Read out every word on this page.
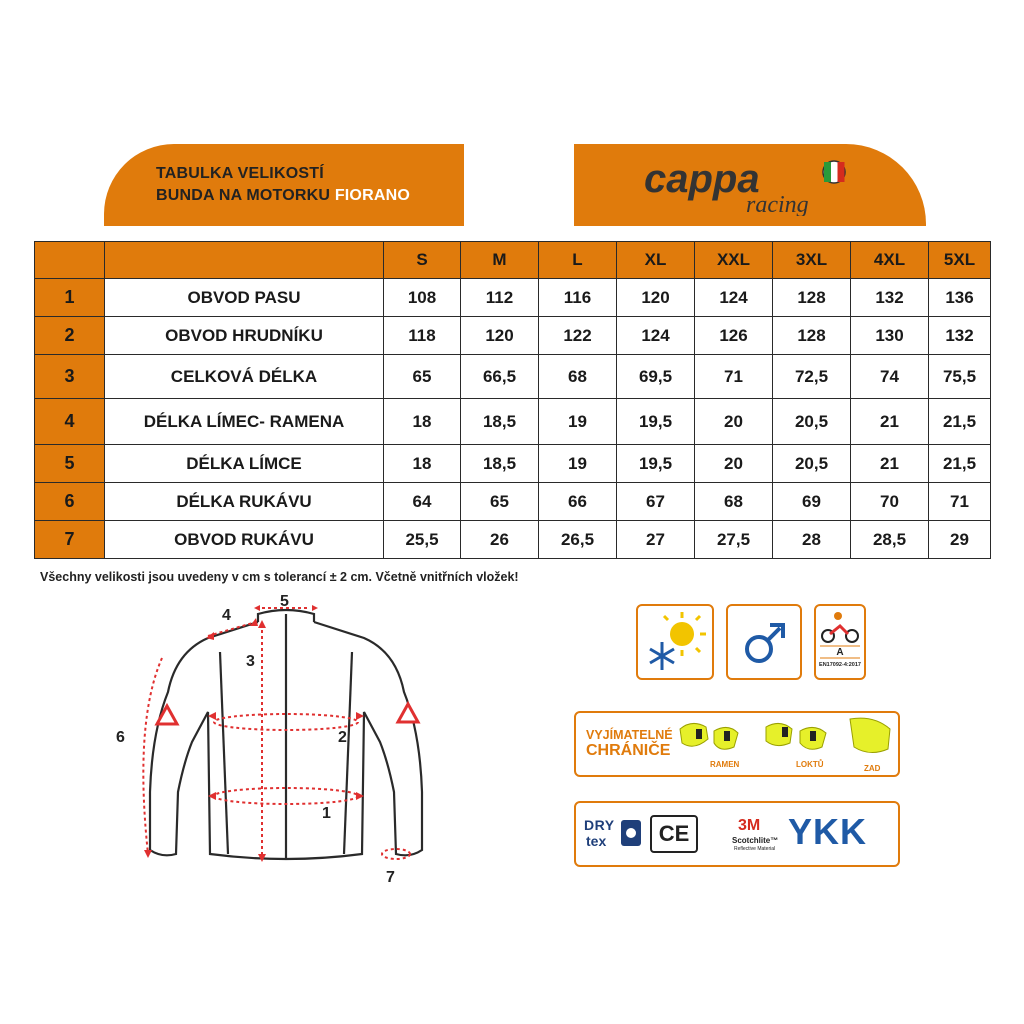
TABULKA VELIKOSTÍ
BUNDA NA MOTORKU FIORANO	cappa
racing
		S	M	L	XL	XXL	3XL	4XL	5XL
1	OBVOD PASU	108	112	116	120	124	128	132	136
2	OBVOD HRUDNÍKU	118	120	122	124	126	128	130	132
3	CELKOVÁ DÉLKA	65	66,5	68	69,5	71	72,5	74	75,5
4	DÉLKA LÍMEC- RAMENA	18	18,5	19	19,5	20	20,5	21	21,5
5	DÉLKA LÍMCE	18	18,5	19	19,5	20	20,5	21	21,5
6	DÉLKA RUKÁVU	64	65	66	67	68	69	70	71
7	OBVOD RUKÁVU	25,5	26	26,5	27	27,5	28	28,5	29
Všechny velikosti jsou uvedeny v cm s tolerancí ± 2 cm. Včetně vnitřních vložek!
1
2
3
4
5
6
7
A
EN17092-4:2017
VYJÍMATELNÉ
CHRÁNIČE
RAMEN	LOKTŮ	ZAD
DRY
tex	CE	3M
Scotchlite™
Reflective Material YKK
